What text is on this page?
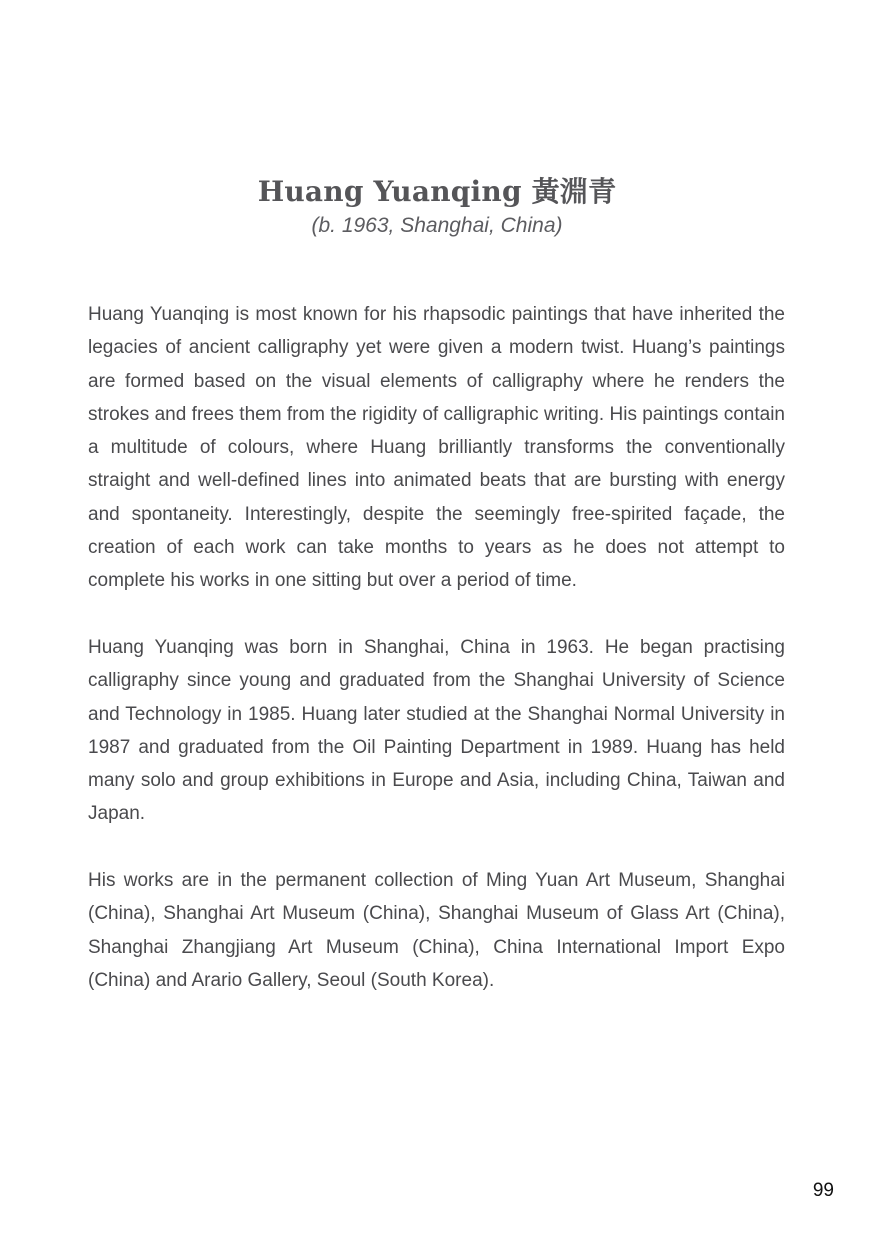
Huang Yuanqing 黃淵青
(b. 1963, Shanghai, China)

Huang Yuanqing is most known for his rhapsodic paintings that have inherited the legacies of ancient calligraphy yet were given a modern twist. Huang’s paintings are formed based on the visual elements of calligraphy where he renders the strokes and frees them from the rigidity of calligraphic writing. His paintings contain a multitude of colours, where Huang brilliantly transforms the conventionally straight and well-defined lines into animated beats that are bursting with energy and spontaneity. Interestingly, despite the seemingly free-spirited façade, the creation of each work can take months to years as he does not attempt to complete his works in one sitting but over a period of time.

Huang Yuanqing was born in Shanghai, China in 1963. He began practising calligraphy since young and graduated from the Shanghai University of Science and Technology in 1985. Huang later studied at the Shanghai Normal University in 1987 and graduated from the Oil Painting Department in 1989. Huang has held many solo and group exhibitions in Europe and Asia, including China, Taiwan and Japan.

His works are in the permanent collection of Ming Yuan Art Museum, Shanghai (China), Shanghai Art Museum (China), Shanghai Museum of Glass Art (China), Shanghai Zhangjiang Art Museum (China), China International Import Expo (China) and Arario Gallery, Seoul (South Korea).

99
